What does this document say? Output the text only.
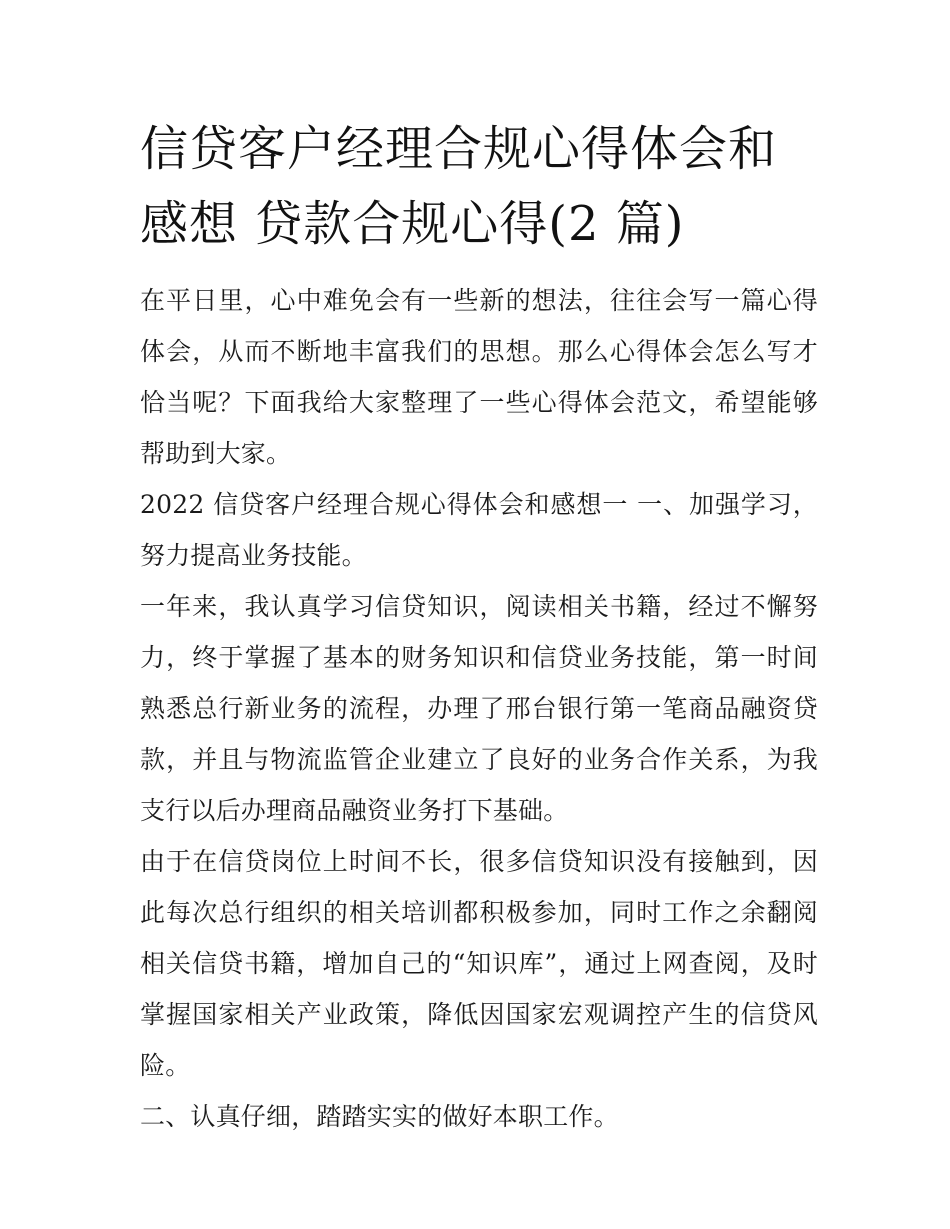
信贷客户经理合规心得体会和感想 贷款合规心得(2 篇)

在平日里，心中难免会有一些新的想法，往往会写一篇心得体会，从而不断地丰富我们的思想。那么心得体会怎么写才恰当呢？下面我给大家整理了一些心得体会范文，希望能够帮助到大家。

2022 信贷客户经理合规心得体会和感想一 一、加强学习，努力提高业务技能。

一年来，我认真学习信贷知识，阅读相关书籍，经过不懈努力，终于掌握了基本的财务知识和信贷业务技能，第一时间熟悉总行新业务的流程，办理了邢台银行第一笔商品融资贷款，并且与物流监管企业建立了良好的业务合作关系，为我支行以后办理商品融资业务打下基础。

由于在信贷岗位上时间不长，很多信贷知识没有接触到，因此每次总行组织的相关培训都积极参加，同时工作之余翻阅相关信贷书籍，增加自己的“知识库”，通过上网查阅，及时掌握国家相关产业政策，降低因国家宏观调控产生的信贷风险。

二、认真仔细，踏踏实实的做好本职工作。
